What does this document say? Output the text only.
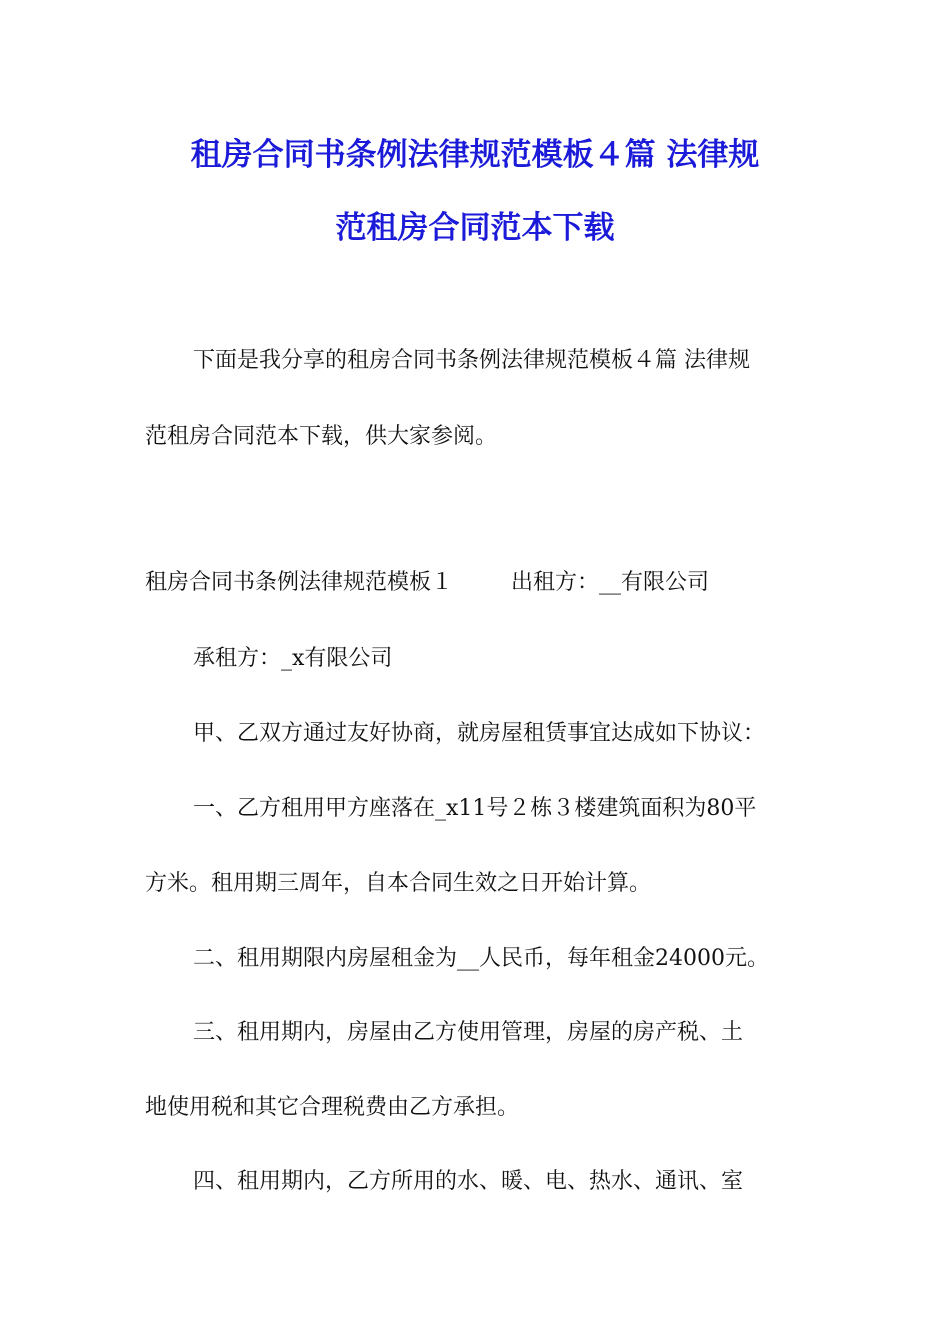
租房合同书条例法律规范模板４篇 法律规
范租房合同范本下载
下面是我分享的租房合同书条例法律规范模板４篇 法律规
范租房合同范本下载，供大家参阅。
租房合同书条例法律规范模板１	出租方：__有限公司
承租方：_x有限公司
甲、乙双方通过友好协商，就房屋租赁事宜达成如下协议：
一、乙方租用甲方座落在_x11号２栋３楼建筑面积为80平
方米。租用期三周年，自本合同生效之日开始计算。
二、租用期限内房屋租金为__人民币，每年租金24000元。
三、租用期内，房屋由乙方使用管理，房屋的房产税、土
地使用税和其它合理税费由乙方承担。
四、租用期内，乙方所用的水、暖、电、热水、通讯、室
